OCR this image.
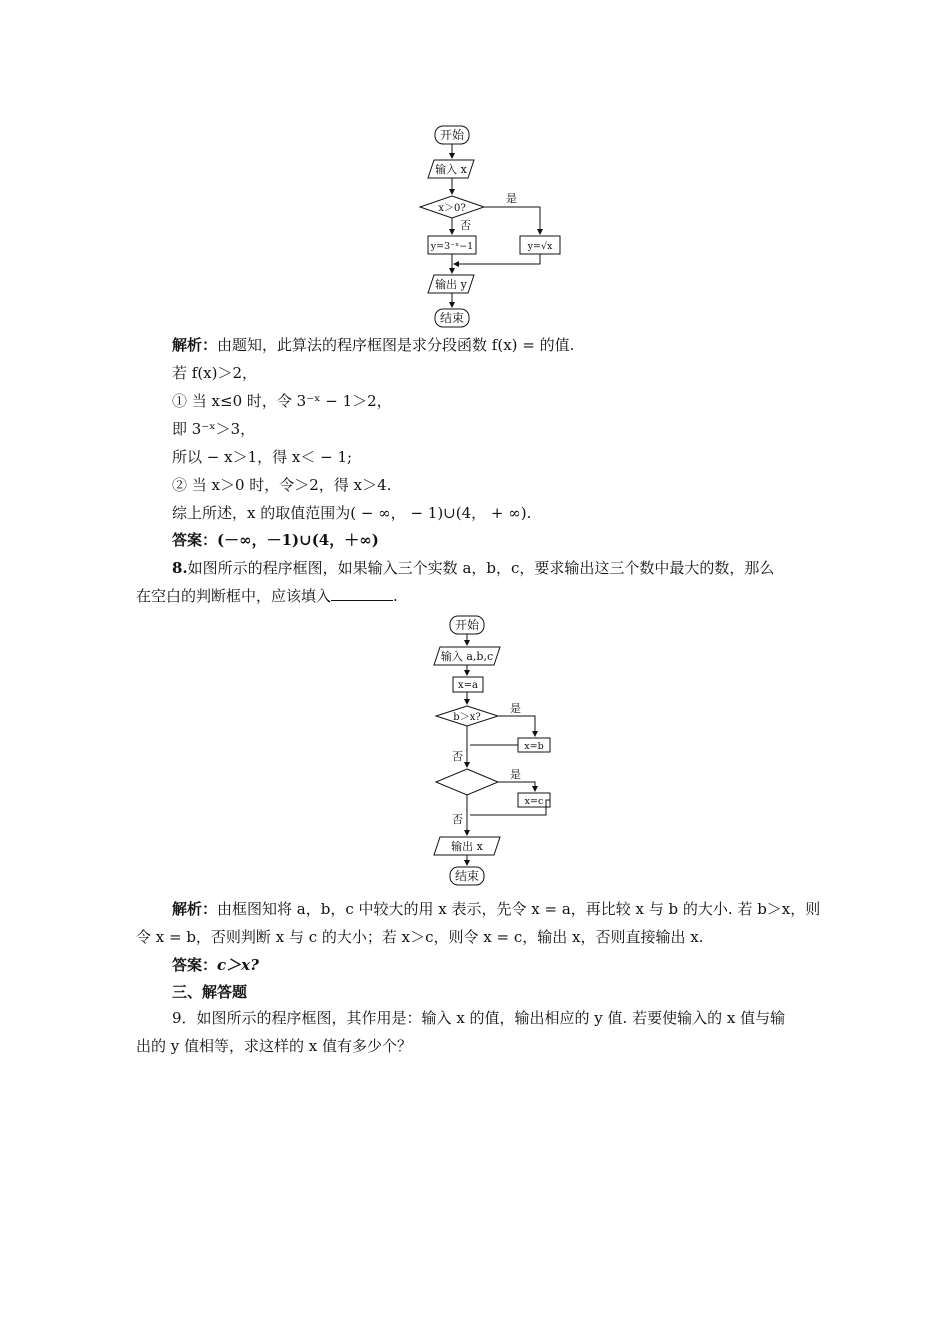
开始
输入 x
x＞0?
是
否
y=3⁻ˣ−1	y=√x
输出 y
结束
解析：由题知，此算法的程序框图是求分段函数 f(x) = 的值.
若 f(x)＞2，
① 当 x≤0 时，令 3⁻ˣ − 1＞2，
即 3⁻ˣ＞3，
所以 − x＞1，得 x＜ − 1;
② 当 x＞0 时，令＞2，得 x＞4.
综上所述，x 的取值范围为( − ∞， − 1)∪(4， + ∞).
答案：(－∞，－1)∪(4，＋∞)
8.如图所示的程序框图，如果输入三个实数 a，b，c，要求输出这三个数中最大的数，那么
在空白的判断框中，应该填入	.
开始
输入 a,b,c
x=a
b＞x?
是
x=b
否
是
x=c
否
输出 x
结束
解析：由框图知将 a，b，c 中较大的用 x 表示，先令 x = a，再比较 x 与 b 的大小. 若 b＞x，则
令 x = b，否则判断 x 与 c 的大小；若 x＞c，则令 x = c，输出 x，否则直接输出 x.
答案：c＞x?
三、解答题
9．如图所示的程序框图，其作用是：输入 x 的值，输出相应的 y 值. 若要使输入的 x 值与输
出的 y 值相等，求这样的 x 值有多少个？
